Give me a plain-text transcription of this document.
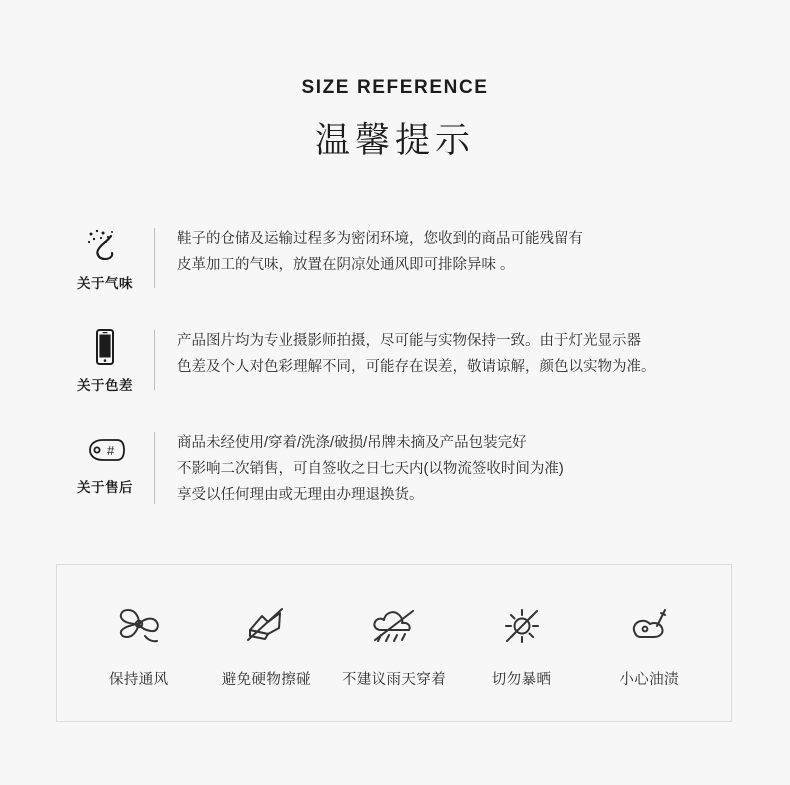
SIZE REFERENCE
温馨提示
关于气味
鞋子的仓储及运输过程多为密闭环境，您收到的商品可能残留有
皮革加工的气味，放置在阴凉处通风即可排除异味 。
关于色差
产品图片均为专业摄影师拍摄，尽可能与实物保持一致。由于灯光显示器
色差及个人对色彩理解不同，可能存在误差，敬请谅解，颜色以实物为准。
#
关于售后
商品未经使用/穿着/洗涤/破损/吊牌未摘及产品包装完好
不影响二次销售，可自签收之日七天内(以物流签收时间为准)
享受以任何理由或无理由办理退换货。
保持通风	避免硬物擦碰	不建议雨天穿着	切勿暴晒	小心油渍
